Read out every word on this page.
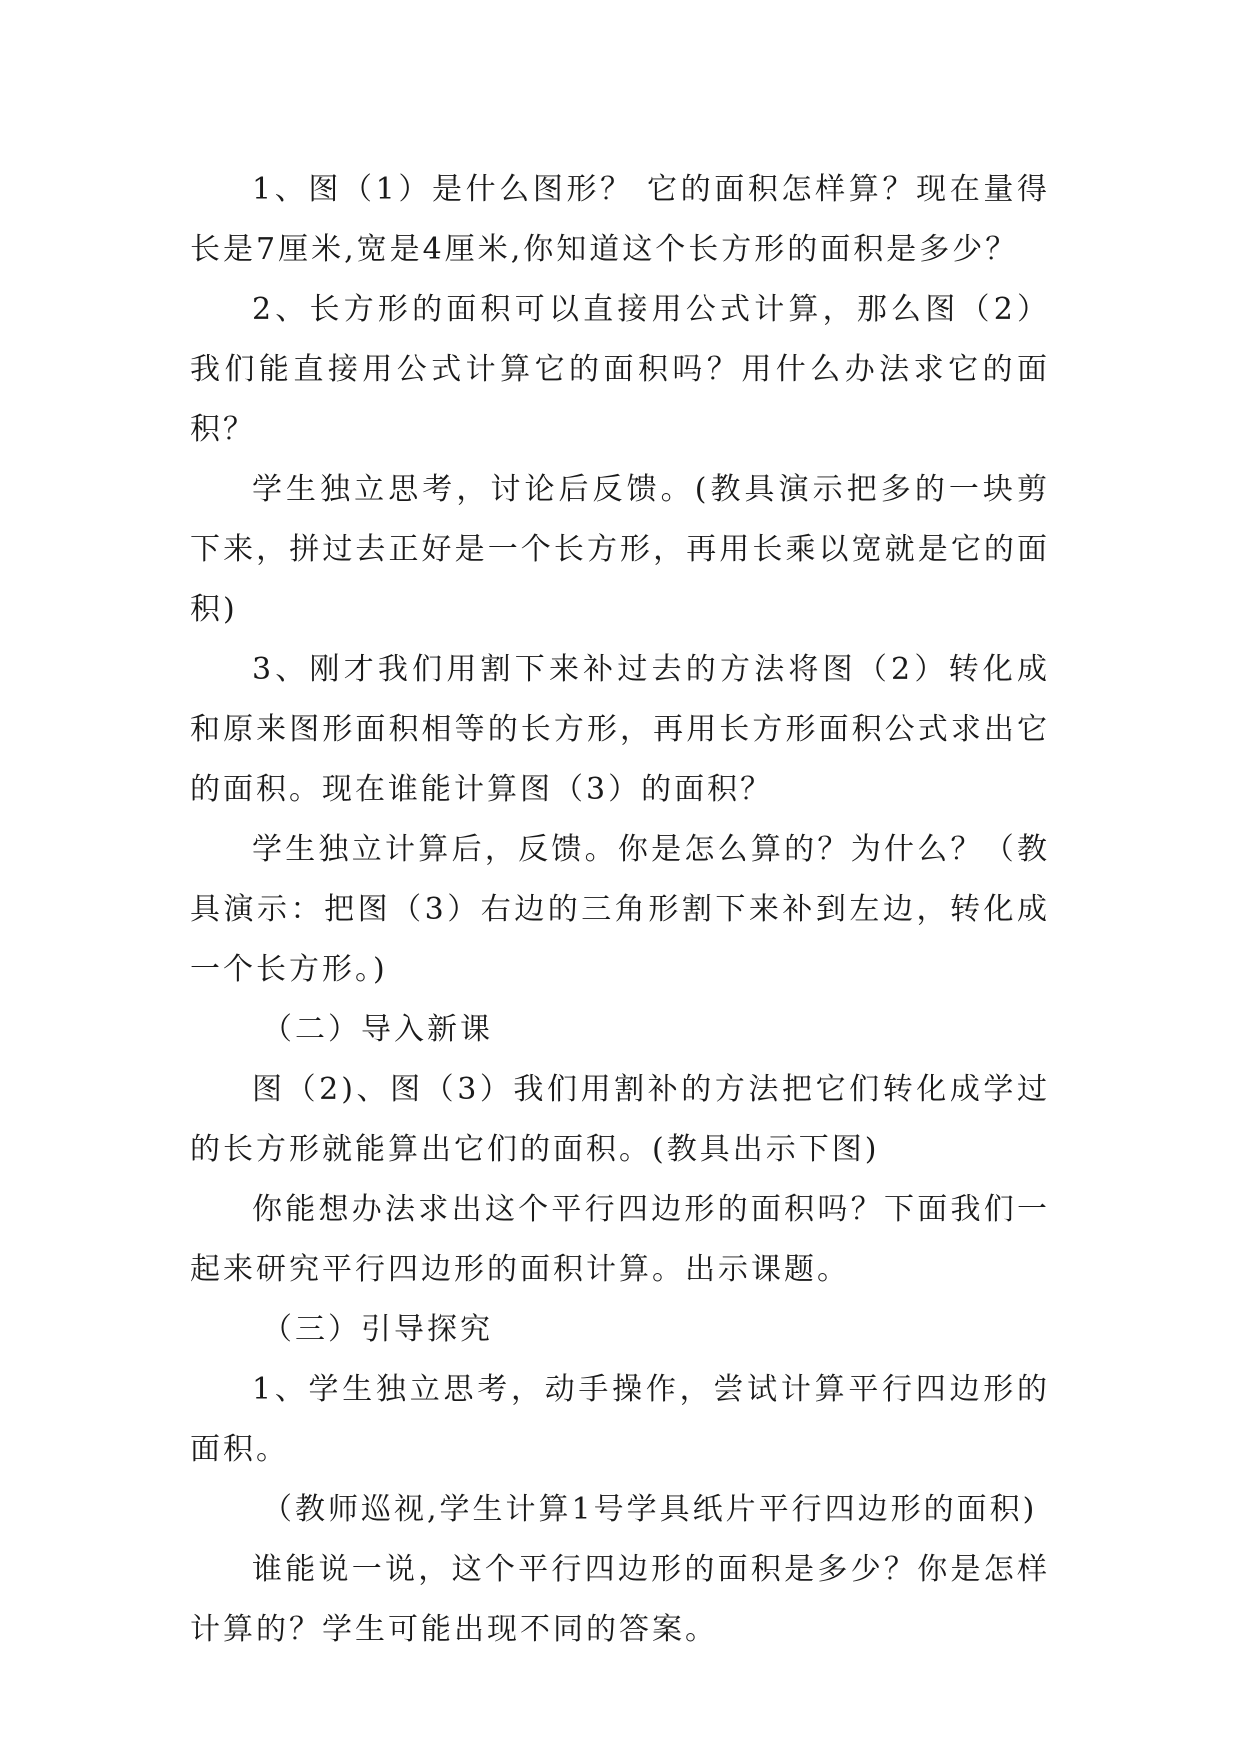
1、图（1）是什么图形？ 它的面积怎样算？现在量得长是7厘米,宽是4厘米,你知道这个长方形的面积是多少？

2、长方形的面积可以直接用公式计算，那么图（2）我们能直接用公式计算它的面积吗？用什么办法求它的面积？

学生独立思考，讨论后反馈。(教具演示把多的一块剪下来，拼过去正好是一个长方形，再用长乘以宽就是它的面积)

3、刚才我们用割下来补过去的方法将图（2）转化成和原来图形面积相等的长方形，再用长方形面积公式求出它的面积。现在谁能计算图（3）的面积？

学生独立计算后，反馈。你是怎么算的？为什么？（教具演示：把图（3）右边的三角形割下来补到左边，转化成一个长方形。)

（二）导入新课

图（2)、图（3）我们用割补的方法把它们转化成学过的长方形就能算出它们的面积。(教具出示下图)

你能想办法求出这个平行四边形的面积吗？下面我们一起来研究平行四边形的面积计算。出示课题。

（三）引导探究

1、学生独立思考，动手操作，尝试计算平行四边形的面积。

（教师巡视,学生计算1号学具纸片平行四边形的面积)

谁能说一说，这个平行四边形的面积是多少？你是怎样计算的？学生可能出现不同的答案。
